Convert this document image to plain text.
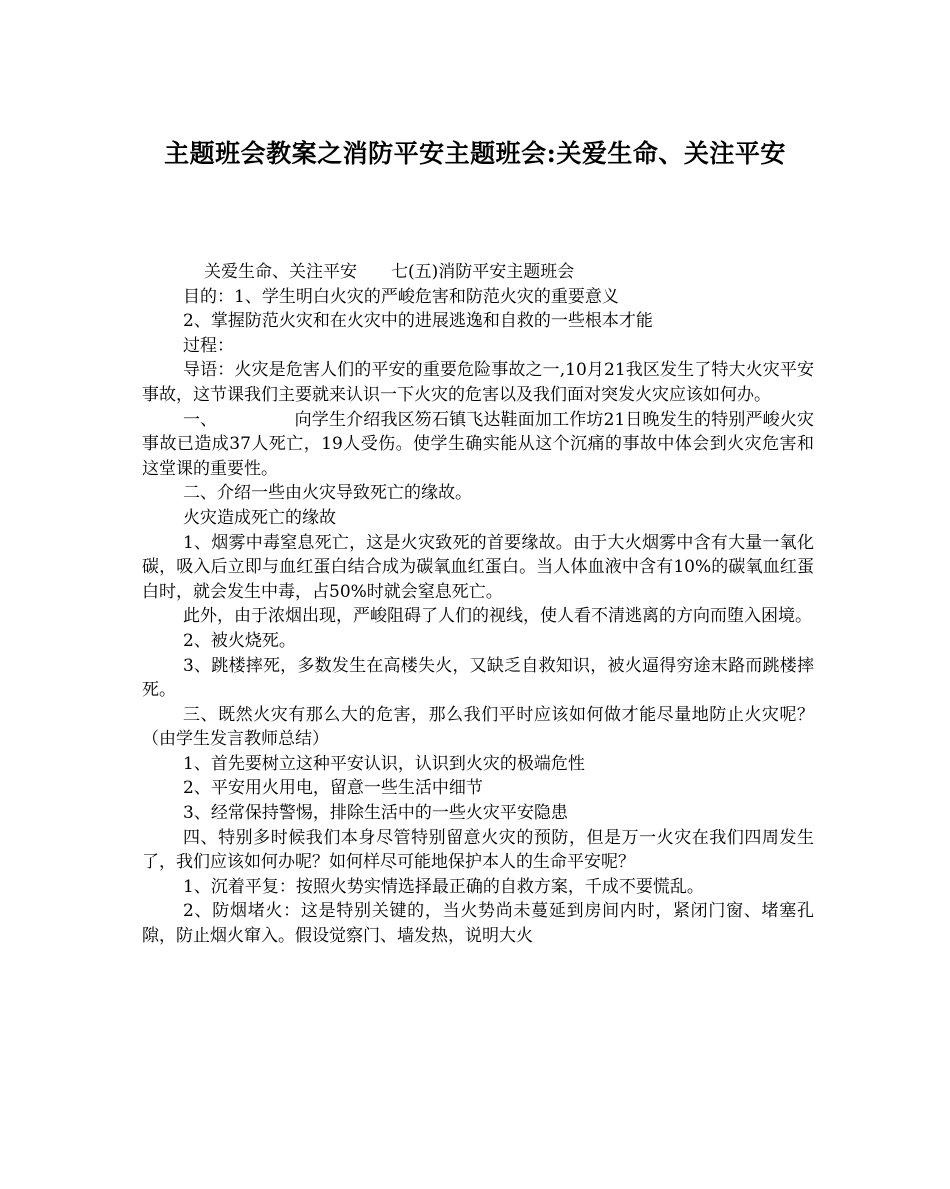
主题班会教案之消防平安主题班会:关爱生命、关注平安

关爱生命、关注平安　　七(五)消防平安主题班会

目的：1、学生明白火灾的严峻危害和防范火灾的重要意义

2、掌握防范火灾和在火灾中的进展逃逸和自救的一些根本才能

过程：

导语：火灾是危害人们的平安的重要危险事故之一,10月21我区发生了特大火灾平安事故，这节课我们主要就来认识一下火灾的危害以及我们面对突发火灾应该如何办。

一、　　　　　向学生介绍我区笏石镇飞达鞋面加工作坊21日晚发生的特别严峻火灾事故已造成37人死亡，19人受伤。使学生确实能从这个沉痛的事故中体会到火灾危害和这堂课的重要性。

二、介绍一些由火灾导致死亡的缘故。

火灾造成死亡的缘故

1、烟雾中毒窒息死亡，这是火灾致死的首要缘故。由于大火烟雾中含有大量一氧化碳，吸入后立即与血红蛋白结合成为碳氧血红蛋白。当人体血液中含有10%的碳氧血红蛋白时，就会发生中毒，占50%时就会窒息死亡。

此外，由于浓烟出现，严峻阻碍了人们的视线，使人看不清逃离的方向而堕入困境。

2、被火烧死。

3、跳楼摔死，多数发生在高楼失火，又缺乏自救知识，被火逼得穷途末路而跳楼摔死。

三、既然火灾有那么大的危害，那么我们平时应该如何做才能尽量地防止火灾呢？（由学生发言教师总结）

1、首先要树立这种平安认识，认识到火灾的极端危性

2、平安用火用电，留意一些生活中细节

3、经常保持警惕，排除生活中的一些火灾平安隐患

四、特别多时候我们本身尽管特别留意火灾的预防，但是万一火灾在我们四周发生了，我们应该如何办呢？如何样尽可能地保护本人的生命平安呢？

1、沉着平复：按照火势实情选择最正确的自救方案，千成不要慌乱。

2、防烟堵火：这是特别关键的，当火势尚未蔓延到房间内时，紧闭门窗、堵塞孔隙，防止烟火窜入。假设觉察门、墙发热，说明大火
